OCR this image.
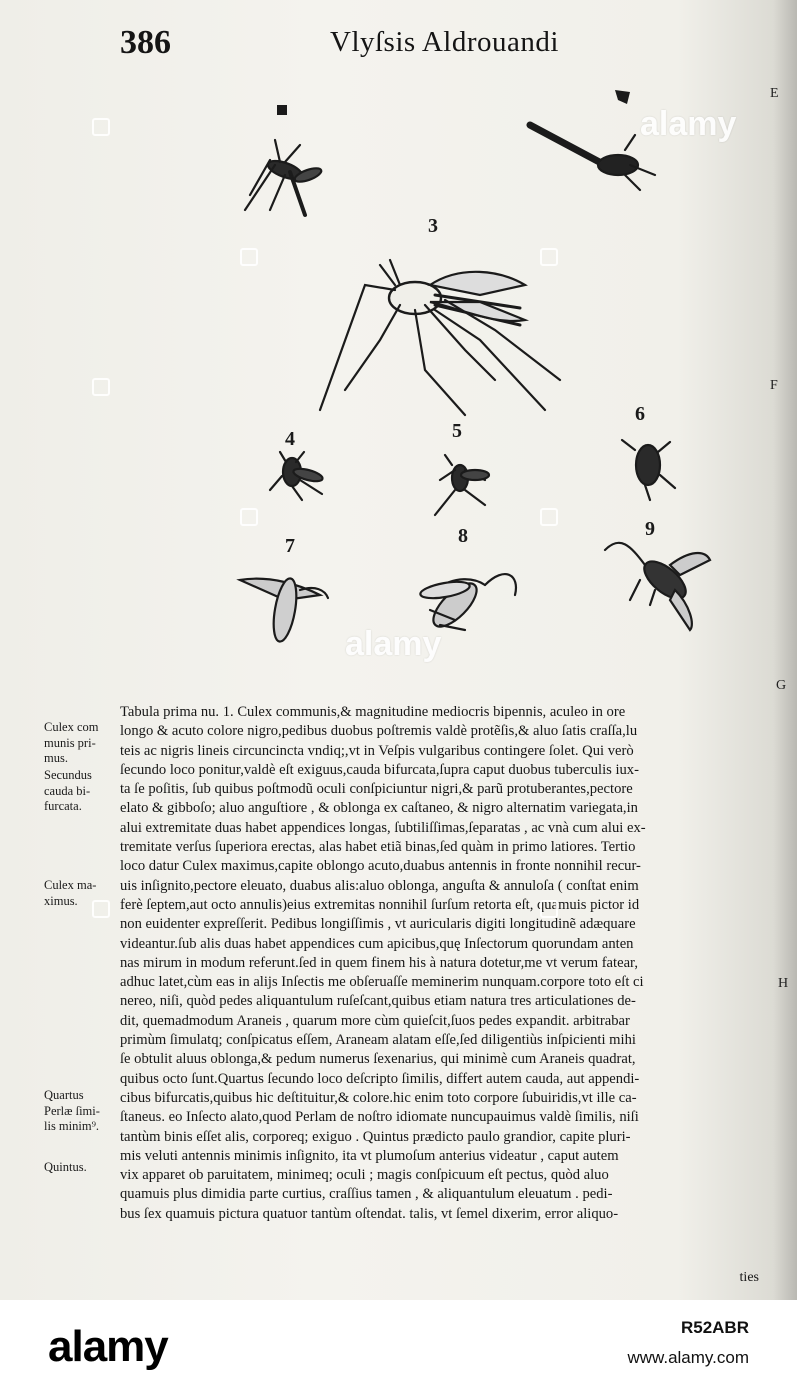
386	Vlyſsis Aldrouandi
E
F
G
H
3
4	5
6
7	8	9
Culex com
munis pri-
mus.
Secundus
cauda bi-
furcata.
Culex ma-
ximus.
Quartus
Perlæ ſimi-
lis minim⁹.
Quintus.
Tabula prima nu. 1. Culex communis,& magnitudine mediocris bipennis, aculeo in ore
longo & acuto colore nigro,pedibus duobus poſtremis valdè protẽſis,& aluo ſatis craſſa,lu
teis ac nigris lineis circuncincta vndiq;,vt in Veſpis vulgaribus contingere ſolet. Qui verò
ſecundo loco ponitur,valdè eſt exiguus,cauda bifurcata,ſupra caput duobus tuberculis iux-
ta ſe poſitis, ſub quibus poſtmodũ oculi conſpiciuntur nigri,& parũ protuberantes,pectore
elato & gibboſo; aluo anguſtiore , & oblonga ex caſtaneo, & nigro alternatim variegata,in
alui extremitate duas habet appendices longas, ſubtiliſſimas,ſeparatas , ac vnà cum alui ex-
tremitate verſus ſuperiora erectas, alas habet etiã binas,ſed quàm in primo latiores. Tertio
loco datur Culex maximus,capite oblongo acuto,duabus antennis in fronte nonnihil recur-
uis inſignito,pectore eleuato, duabus alis:aluo oblonga, anguſta & annuloſa ( conſtat enim
ferè ſeptem,aut octo annulis)eius extremitas nonnihil ſurſum retorta eſt, quamuis pictor id
non euidenter expreſſerit. Pedibus longiſſimis , vt auricularis digiti longitudinẽ adæquare
videantur.ſub alis duas habet appendices cum apicibus,quę Inſectorum quorundam anten
nas mirum in modum referunt.ſed in quem finem his à natura dotetur,me vt verum fatear,
adhuc latet,cùm eas in alijs Inſectis me obſeruaſſe meminerim nunquam.corpore toto eſt ci
nereo, niſi, quòd pedes aliquantulum ruſeſcant,quibus etiam natura tres articulationes de-
dit, quemadmodum Araneis , quarum more cùm quieſcit,ſuos pedes expandit. arbitrabar
primùm ſimulatq; conſpicatus eſſem, Araneam alatam eſſe,ſed diligentiùs inſpicienti mihi
ſe obtulit aluus oblonga,& pedum numerus ſexenarius, qui minimè cum Araneis quadrat,
quibus octo ſunt.Quartus ſecundo loco deſcripto ſimilis, differt autem cauda, aut appendi-
cibus bifurcatis,quibus hic deſtituitur,& colore.hic enim toto corpore ſubuiridis,vt ille ca-
ſtaneus. eo Inſecto alato,quod Perlam de noſtro idiomate nuncupauimus valdè ſimilis, niſi
tantùm binis eſſet alis, corporeq; exiguo . Quintus prædicto paulo grandior, capite pluri-
mis veluti antennis minimis inſignito, ita vt plumoſum anterius videatur , caput autem
vix apparet ob paruitatem, minimeq; oculi ; magis conſpicuum eſt pectus, quòd aluo
quamuis plus dimidia parte curtius, craſſius tamen , & aliquantulum eleuatum . pedi-
bus ſex quamuis pictura quatuor tantùm oſtendat. talis, vt ſemel dixerim, error aliquo-
ties
alamy
alamy
alamy	R52ABR
www.alamy.com
